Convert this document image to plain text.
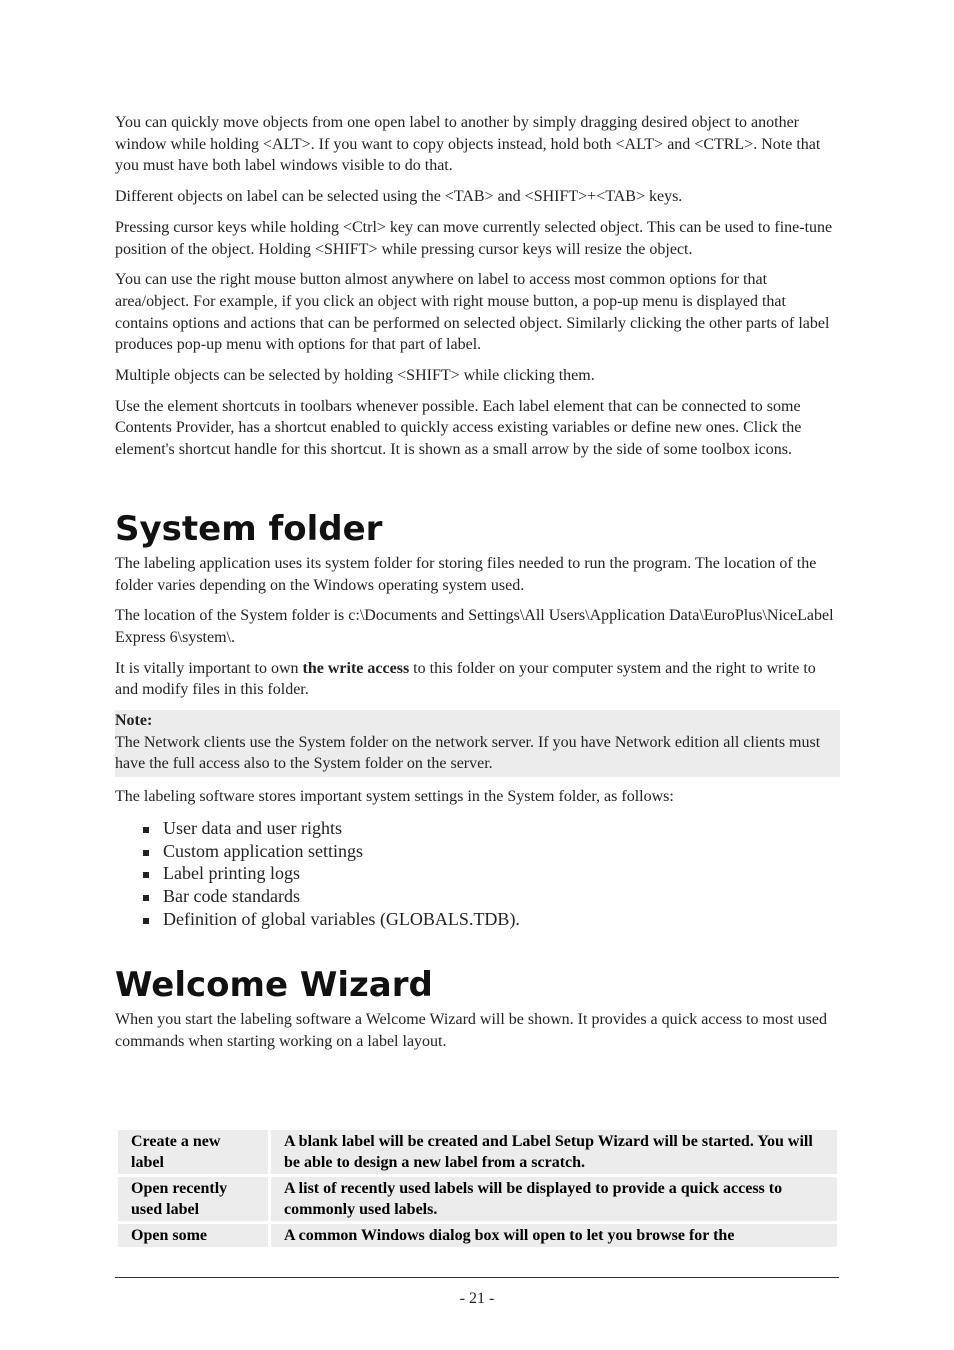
You can quickly move objects from one open label to another by simply dragging desired object to another window while holding <ALT>. If you want to copy objects instead, hold both <ALT> and <CTRL>. Note that you must have both label windows visible to do that.

Different objects on label can be selected using the <TAB> and <SHIFT>+<TAB> keys.

Pressing cursor keys while holding <Ctrl> key can move currently selected object. This can be used to fine-tune position of the object. Holding <SHIFT> while pressing cursor keys will resize the object.

You can use the right mouse button almost anywhere on label to access most common options for that area/object. For example, if you click an object with right mouse button, a pop-up menu is displayed that contains options and actions that can be performed on selected object. Similarly clicking the other parts of label produces pop-up menu with options for that part of label.

Multiple objects can be selected by holding <SHIFT> while clicking them.

Use the element shortcuts in toolbars whenever possible. Each label element that can be connected to some Contents Provider, has a shortcut enabled to quickly access existing variables or define new ones. Click the element's shortcut handle for this shortcut. It is shown as a small arrow by the side of some toolbox icons.

System folder

The labeling application uses its system folder for storing files needed to run the program. The location of the folder varies depending on the Windows operating system used.

The location of the System folder is c:\Documents and Settings\All Users\Application Data\EuroPlus\NiceLabel Express 6\system\.

It is vitally important to own the write access to this folder on your computer system and the right to write to and modify files in this folder.

Note:
The Network clients use the System folder on the network server. If you have Network edition all clients must have the full access also to the System folder on the server.

The labeling software stores important system settings in the System folder, as follows:

User data and user rights
Custom application settings
Label printing logs
Bar code standards
Definition of global variables (GLOBALS.TDB).
Welcome Wizard

When you start the labeling software a Welcome Wizard will be shown. It provides a quick access to most used commands when starting working on a label layout.

Create a new label	A blank label will be created and Label Setup Wizard will be started. You will be able to design a new label from a scratch.
Open recently used label	A list of recently used labels will be displayed to provide a quick access to commonly used labels.
Open some	A common Windows dialog box will open to let you browse for the
- 21 -
